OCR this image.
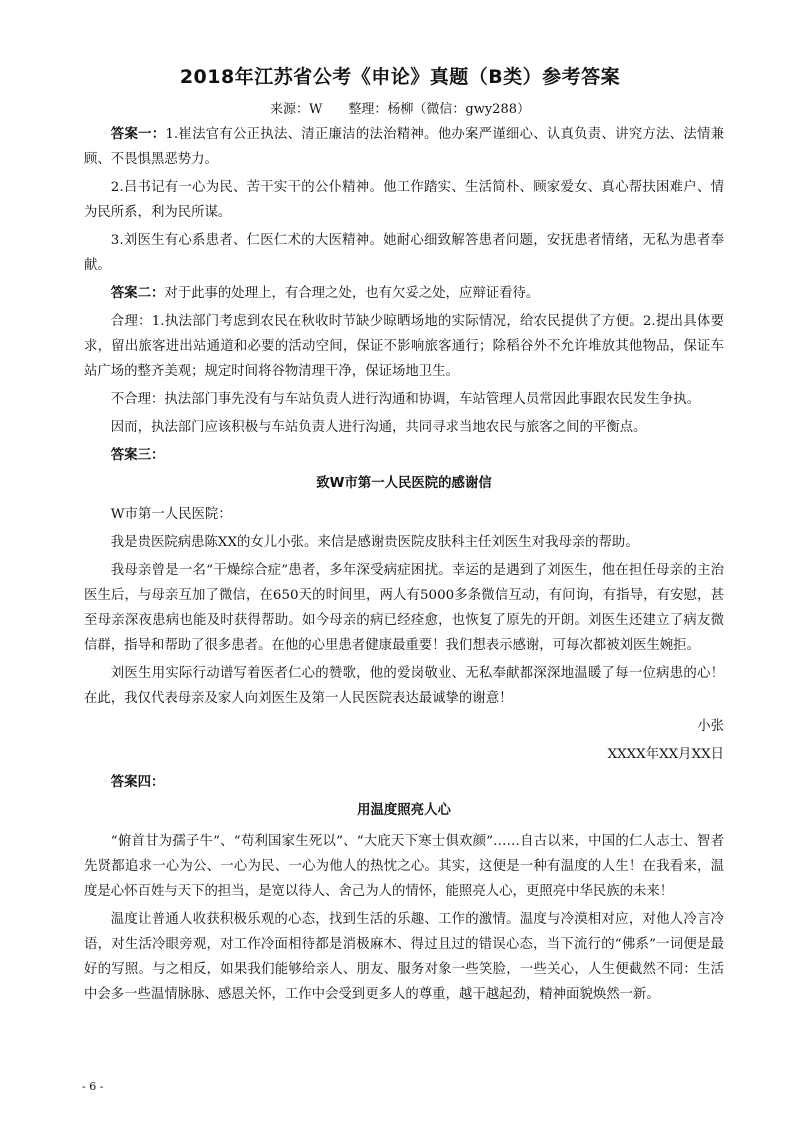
2018年江苏省公考《申论》真题（B类）参考答案
来源：W　　整理：杨柳（微信：gwy288）

答案一：1.崔法官有公正执法、清正廉洁的法治精神。他办案严谨细心、认真负责、讲究方法、法情兼顾、不畏惧黑恶势力。

2.吕书记有一心为民、苦干实干的公仆精神。他工作踏实、生活简朴、顾家爱女、真心帮扶困难户、情为民所系，利为民所谋。

3.刘医生有心系患者、仁医仁术的大医精神。她耐心细致解答患者问题，安抚患者情绪，无私为患者奉献。

答案二：对于此事的处理上，有合理之处，也有欠妥之处，应辩证看待。

合理：1.执法部门考虑到农民在秋收时节缺少晾晒场地的实际情况，给农民提供了方便。2.提出具体要求，留出旅客进出站通道和必要的活动空间，保证不影响旅客通行；除稻谷外不允许堆放其他物品，保证车站广场的整齐美观；规定时间将谷物清理干净，保证场地卫生。

不合理：执法部门事先没有与车站负责人进行沟通和协调，车站管理人员常因此事跟农民发生争执。

因而，执法部门应该积极与车站负责人进行沟通，共同寻求当地农民与旅客之间的平衡点。

答案三：

致W市第一人民医院的感谢信

W市第一人民医院：

我是贵医院病患陈XX的女儿小张。来信是感谢贵医院皮肤科主任刘医生对我母亲的帮助。

我母亲曾是一名“干燥综合症”患者，多年深受病症困扰。幸运的是遇到了刘医生，他在担任母亲的主治医生后，与母亲互加了微信，在650天的时间里，两人有5000多条微信互动，有问询，有指导，有安慰，甚至母亲深夜患病也能及时获得帮助。如今母亲的病已经痊愈，也恢复了原先的开朗。刘医生还建立了病友微信群，指导和帮助了很多患者。在他的心里患者健康最重要！我们想表示感谢，可每次都被刘医生婉拒。

刘医生用实际行动谱写着医者仁心的赞歌，他的爱岗敬业、无私奉献都深深地温暖了每一位病患的心！在此，我仅代表母亲及家人向刘医生及第一人民医院表达最诚挚的谢意！

小张

XXXX年XX月XX日

答案四：

用温度照亮人心

“俯首甘为孺子牛”、“苟利国家生死以”、“大庇天下寒士俱欢颜”……自古以来，中国的仁人志士、智者先贤都追求一心为公、一心为民、一心为他人的热忱之心。其实，这便是一种有温度的人生！在我看来，温度是心怀百姓与天下的担当，是宽以待人、舍己为人的情怀，能照亮人心，更照亮中华民族的未来！

温度让普通人收获积极乐观的心态，找到生活的乐趣、工作的激情。温度与冷漠相对应，对他人冷言冷语，对生活冷眼旁观，对工作冷面相待都是消极麻木、得过且过的错误心态，当下流行的“佛系”一词便是最好的写照。与之相反，如果我们能够给亲人、朋友、服务对象一些笑脸，一些关心，人生便截然不同：生活中会多一些温情脉脉、感恩关怀，工作中会受到更多人的尊重，越干越起劲，精神面貌焕然一新。

- 6 -
